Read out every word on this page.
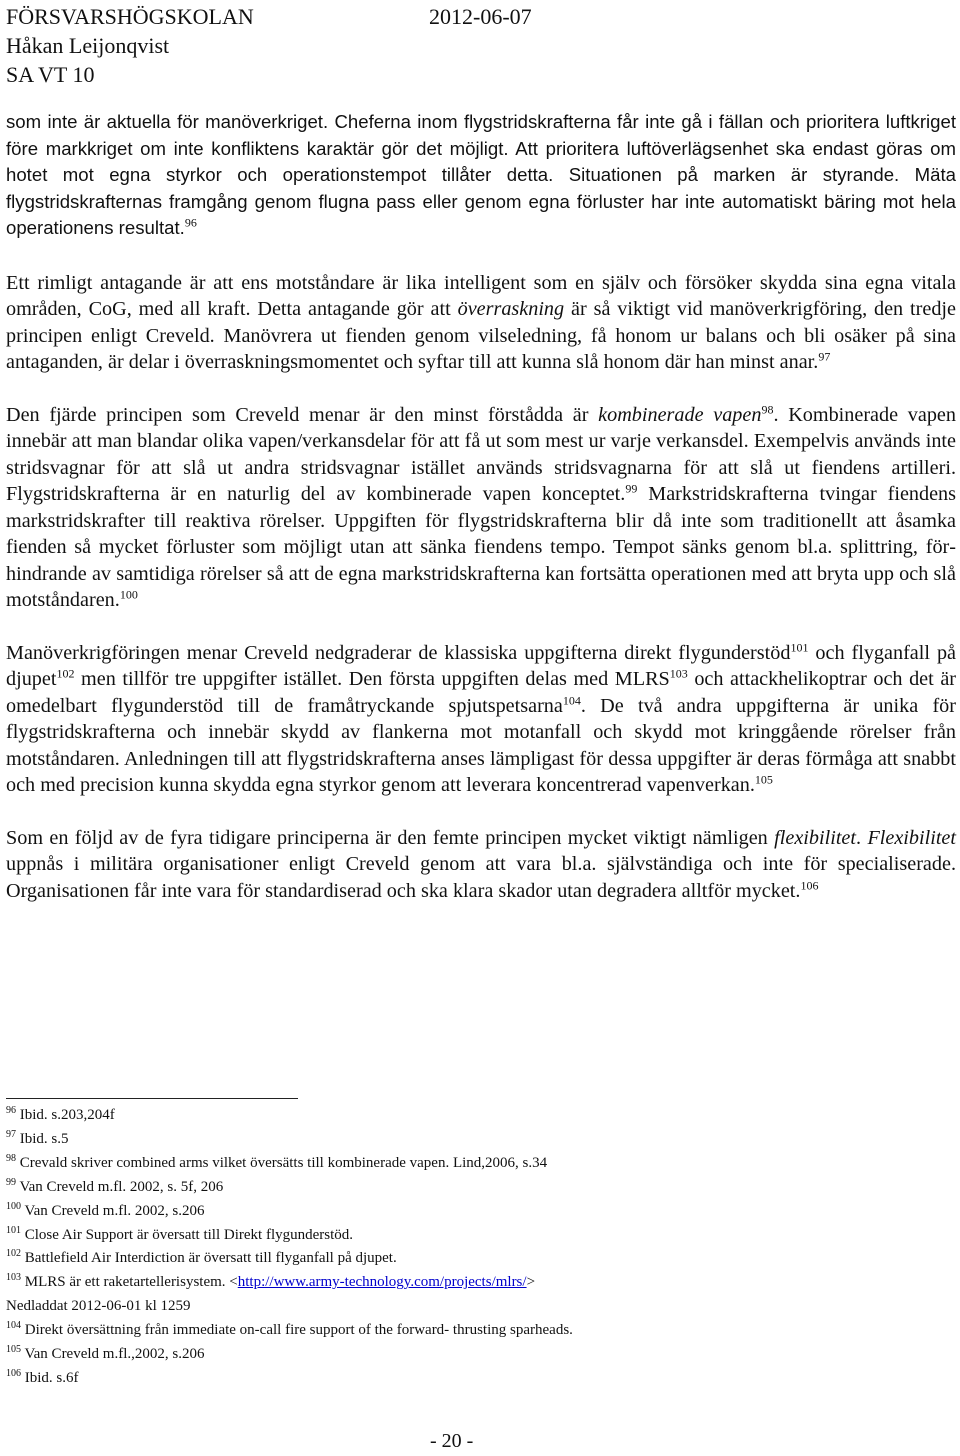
FÖRSVARSHÖGSKOLAN
Håkan Leijonqvist
SA VT 10
2012-06-07

som inte är aktuella för manöverkriget. Cheferna inom flygstridskrafterna får inte gå i fällan och prioritera luftkriget före markkriget om inte konfliktens karaktär gör det möjligt. Att prioritera luftöverlägsenhet ska endast göras om hotet mot egna styrkor och operationstempot tillåter detta. Situationen på marken är styrande. Mäta flygstridskrafternas framgång genom flugna pass eller genom egna förluster har inte automatiskt bäring mot hela operationens resultat.$^{96}$

Ett rimligt antagande är att ens motståndare är lika intelligent som en själv och försöker skydda sina egna vitala områden, CoG, med all kraft. Detta antagande gör att överraskning är så viktigt vid manöverkrigföring, den tredje principen enligt Creveld. Manövrera ut fienden genom vilseledning, få honom ur balans och bli osäker på sina antaganden, är delar i överraskningsmomentet och syftar till att kunna slå honom där han minst anar.$^{97}$

Den fjärde principen som Creveld menar är den minst förstådda är kombinerade vapen$^{98}$. Kombinerade vapen innebär att man blandar olika vapen/verkansdelar för att få ut som mest ur varje verkansdel. Exempelvis används inte stridsvagnar för att slå ut andra stridsvagnar istället används stridsvagnarna för att slå ut fiendens artilleri. Flygstridskrafterna är en naturlig del av kombinerade vapen konceptet.$^{99}$ Markstridskrafterna tvingar fiendens markstridskrafter till reaktiva rörelser. Uppgiften för flygstridskrafterna blir då inte som traditionellt att åsamka fienden så mycket förluster som möjligt utan att sänka fiendens tempo. Tempot sänks genom bl.a. splittring, förhindrande av samtidiga rörelser så att de egna markstridskrafterna kan fortsätta operationen med att bryta upp och slå motståndaren.$^{100}$

Manöverkrigföringen menar Creveld nedgraderar de klassiska uppgifterna direkt flygunderstöd$^{101}$ och flyganfall på djupet$^{102}$ men tillför tre uppgifter istället. Den första uppgiften delas med MLRS$^{103}$ och attackhelikoptrar och det är omedelbart flygunderstöd till de framåtryckande spjutspetsarna$^{104}$. De två andra uppgifterna är unika för flygstridskrafterna och innebär skydd av flankerna mot motanfall och skydd mot kringgående rörelser från motståndaren. Anledningen till att flygstridskrafterna anses lämpligast för dessa uppgifter är deras förmåga att snabbt och med precision kunna skydda egna styrkor genom att leverara koncentrerad vapenverkan.$^{105}$

Som en följd av de fyra tidigare principerna är den femte principen mycket viktigt nämligen flexibilitet. Flexibilitet uppnås i militära organisationer enligt Creveld genom att vara bl.a. självständiga och inte för specialiserade. Organisationen får inte vara för standardiserad och ska klara skador utan degradera alltför mycket.$^{106}$

$^{96}$ Ibid. s.203,204f
$^{97}$ Ibid. s.5
$^{98}$ Crevald skriver combined arms vilket översätts till kombinerade vapen. Lind,2006, s.34
$^{99}$ Van Creveld m.fl. 2002, s. 5f, 206
$^{100}$ Van Creveld m.fl. 2002, s.206
$^{101}$ Close Air Support är översatt till Direkt flygunderstöd.
$^{102}$ Battlefield Air Interdiction är översatt till flyganfall på djupet.
$^{103}$ MLRS är ett raketartellerisystem. <http://www.army-technology.com/projects/mlrs/>
Nedladdat 2012-06-01 kl 1259
$^{104}$ Direkt översättning från immediate on-call fire support of the forward- thrusting sparheads.
$^{105}$ Van Creveld m.fl.,2002, s.206
$^{106}$ Ibid. s.6f
- 20 -
